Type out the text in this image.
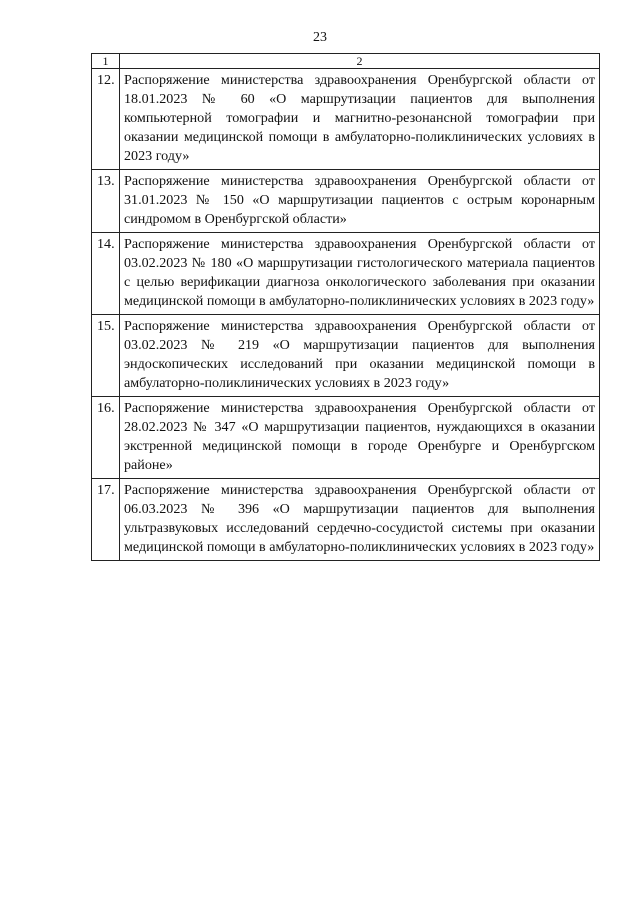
23
1	2
12.	Распоряжение министерства здравоохранения Оренбургской области от 18.01.2023 № 60 «О маршрутизации пациентов для выполнения компьютерной томографии и магнитно-резонансной томографии при оказании медицинской помощи в амбулаторно-поликлинических условиях в 2023 году»
13.	Распоряжение министерства здравоохранения Оренбургской области от 31.01.2023 № 150 «О маршрутизации пациентов с острым коронарным синдромом в Оренбургской области»
14.	Распоряжение министерства здравоохранения Оренбургской области от 03.02.2023 № 180 «О маршрутизации гистологического материала пациентов с целью верификации диагноза онкологического заболевания при оказании медицинской помощи в амбулаторно-поликлинических условиях в 2023 году»
15.	Распоряжение министерства здравоохранения Оренбургской области от 03.02.2023 № 219 «О маршрутизации пациентов для выполнения эндоскопических исследований при оказании медицинской помощи в амбулаторно-поликлинических условиях в 2023 году»
16.	Распоряжение министерства здравоохранения Оренбургской области от 28.02.2023 № 347 «О маршрутизации пациентов, нуждающихся в оказании экстренной медицинской помощи в городе Оренбурге и Оренбургском районе»
17.	Распоряжение министерства здравоохранения Оренбургской области от 06.03.2023 № 396 «О маршрутизации пациентов для выполнения ультразвуковых исследований сердечно-сосудистой системы при оказании медицинской помощи в амбулаторно-поликлинических условиях в 2023 году»
